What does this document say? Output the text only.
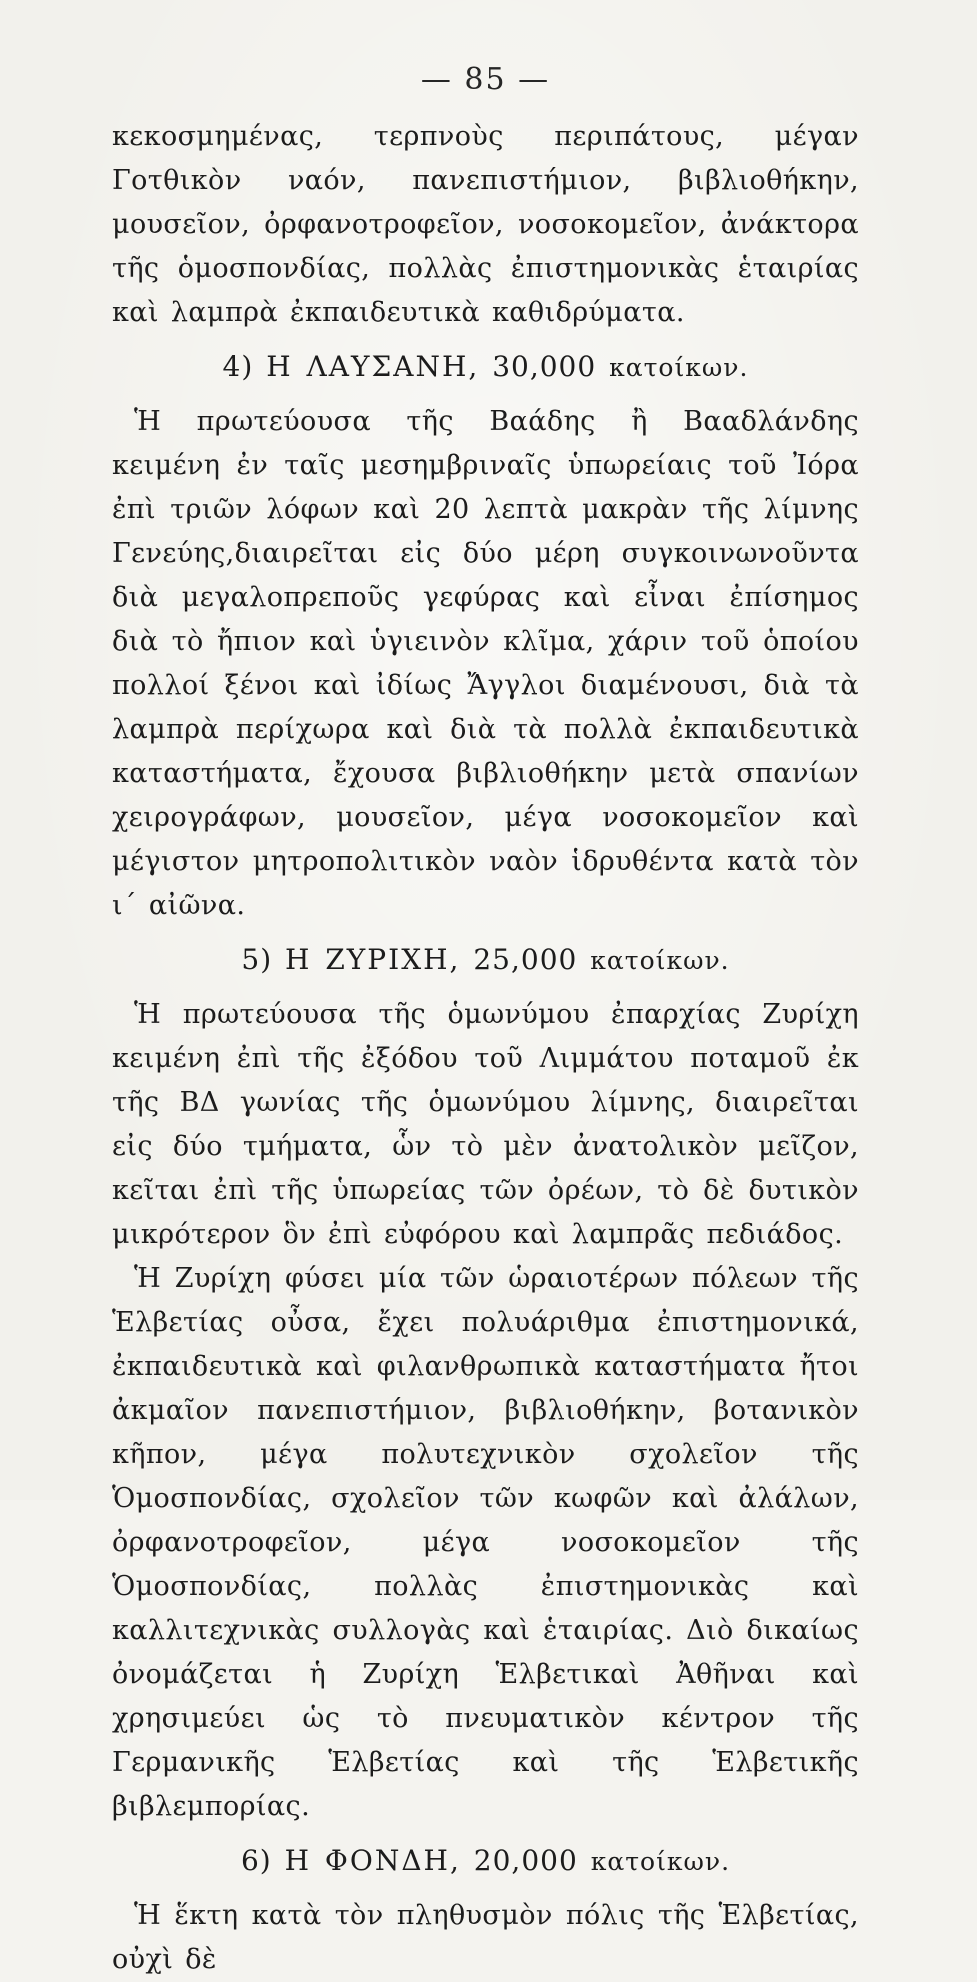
— 85 —

κεκοσμημένας, τερπνοὺς περιπάτους, μέγαν Γοτθικὸν ναόν, πανεπιστήμιον, βιβλιοθήκην, μουσεῖον, ὀρφανοτροφεῖον, νοσοκομεῖον, ἀνάκτορα τῆς ὁμοσπονδίας, πολλὰς ἐπιστημονικὰς ἑταιρίας καὶ λαμπρὰ ἐκπαιδευτικὰ καθιδρύματα.

4) Η ΛΑΥΣΑΝΗ, 30,000 κατοίκων.

Ἡ πρωτεύουσα τῆς Βαάδης ἢ Βααδλάνδης κειμένη ἐν ταῖς μεσημβριναῖς ὑπωρείαις τοῦ Ἰόρα ἐπὶ τριῶν λόφων καὶ 20 λεπτὰ μακρὰν τῆς λίμνης Γενεύης,διαιρεῖται εἰς δύο μέρη συγκοινωνοῦντα διὰ μεγαλοπρεποῦς γεφύρας καὶ εἶναι ἐπίσημος διὰ τὸ ἤπιον καὶ ὑγιεινὸν κλῖμα, χάριν τοῦ ὁποίου πολλοί ξένοι καὶ ἰδίως Ἄγγλοι διαμένουσι, διὰ τὰ λαμπρὰ περίχωρα καὶ διὰ τὰ πολλὰ ἐκπαιδευτικὰ καταστήματα, ἔχουσα βιβλιοθήκην μετὰ σπανίων χειρογράφων, μουσεῖον, μέγα νοσοκομεῖον καὶ μέγιστον μητροπολιτικὸν ναὸν ἱδρυθέντα κατὰ τὸν ι´ αἰῶνα.

5) Η ΖΥΡΙΧΗ, 25,000 κατοίκων.

Ἡ πρωτεύουσα τῆς ὁμωνύμου ἐπαρχίας Ζυρίχη κειμένη ἐπὶ τῆς ἐξόδου τοῦ Λιμμάτου ποταμοῦ ἐκ τῆς ΒΔ γωνίας τῆς ὁμωνύμου λίμνης, διαιρεῖται εἰς δύο τμήματα, ὧν τὸ μὲν ἀνατολικὸν μεῖζον, κεῖται ἐπὶ τῆς ὑπωρείας τῶν ὀρέων, τὸ δὲ δυτικὸν μικρότερον ὃν ἐπὶ εὐφόρου καὶ λαμπρᾶς πεδιάδος.

Ἡ Ζυρίχη φύσει μία τῶν ὡραιοτέρων πόλεων τῆς Ἑλβετίας οὖσα, ἔχει πολυάριθμα ἐπιστημονικά, ἐκπαιδευτικὰ καὶ φιλανθρωπικὰ καταστήματα ἤτοι ἀκμαῖον πανεπιστήμιον, βιβλιοθήκην, βοτανικὸν κῆπον, μέγα πολυτεχνικὸν σχολεῖον τῆς Ὁμοσπονδίας, σχολεῖον τῶν κωφῶν καὶ ἀλάλων, ὀρφανοτροφεῖον, μέγα νοσοκομεῖον τῆς Ὁμοσπονδίας, πολλὰς ἐπιστημονικὰς καὶ καλλιτεχνικὰς συλλογὰς καὶ ἑταιρίας. Διὸ δικαίως ὀνομάζεται ἡ Ζυρίχη Ἑλβετικαὶ Ἀθῆναι καὶ χρησιμεύει ὡς τὸ πνευματικὸν κέντρον τῆς Γερμανικῆς Ἑλβετίας καὶ τῆς Ἑλβετικῆς βιβλεμπορίας.

6) Η ΦΟΝΔΗ, 20,000 κατοίκων.

Ἡ ἕκτη κατὰ τὸν πληθυσμὸν πόλις τῆς Ἑλβετίας, οὐχὶ δὲ
